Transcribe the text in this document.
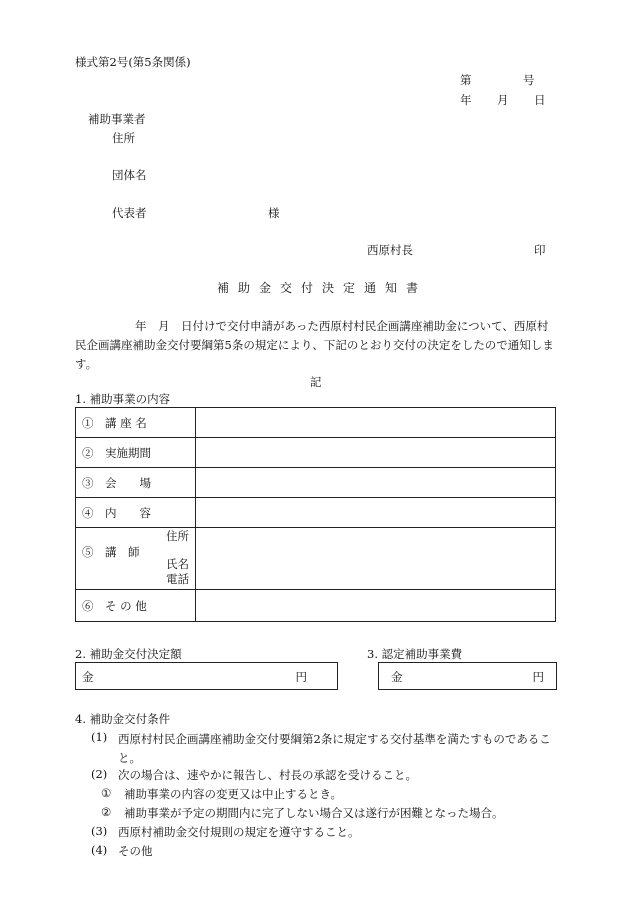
様式第2号(第5条関係)
第	号
年 月 日
補助事業者
住所
団体名
代表者	様
西原村長	印
補助金交付決定通知書
年　月　日付けで交付申請があった西原村村民企画講座補助金について、西原村民企画講座補助金交付要綱第5条の規定により、下記のとおり交付の決定をしたので通知します。
記
1. 補助事業の内容
①　講 座 名	
②　実施期間	
③　会　　場	
④　内　　容	

住所
⑤　講　師
氏名
電話	

⑥　そ の 他	
2. 補助金交付決定額
金	円
3. 認定補助事業費
金	円
4. 補助金交付条件
(1) 西原村村民企画講座補助金交付要綱第2条に規定する交付基準を満たすものであること。
(2) 次の場合は、速やかに報告し、村長の承認を受けること。
① 補助事業の内容の変更又は中止するとき。
② 補助事業が予定の期間内に完了しない場合又は遂行が困難となった場合。
(3) 西原村補助金交付規則の規定を遵守すること。
(4) その他
